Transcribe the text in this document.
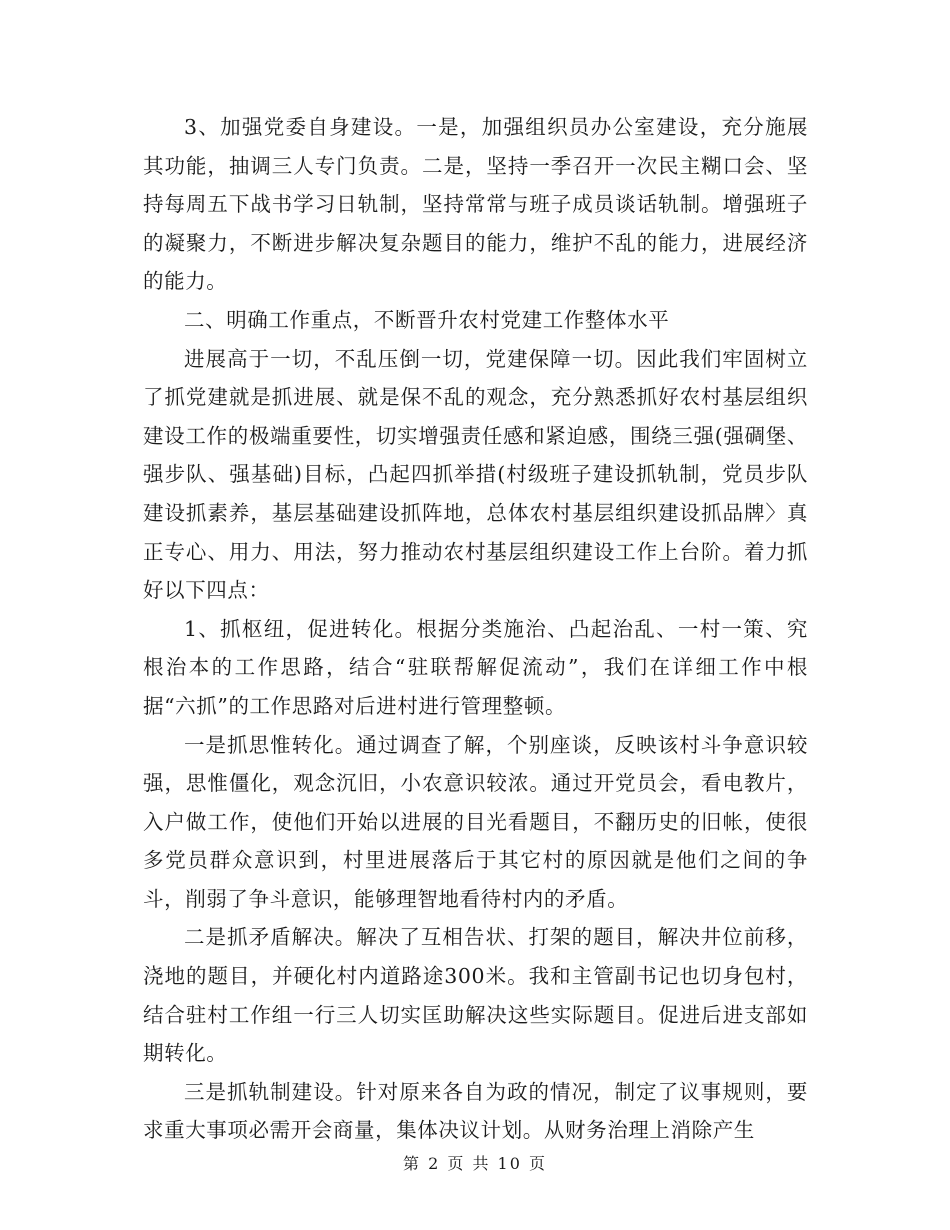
3、加强党委自身建设。一是，加强组织员办公室建设，充分施展其功能，抽调三人专门负责。二是，坚持一季召开一次民主糊口会、坚持每周五下战书学习日轨制，坚持常常与班子成员谈话轨制。增强班子的凝聚力，不断进步解决复杂题目的能力，维护不乱的能力，进展经济的能力。

二、明确工作重点，不断晋升农村党建工作整体水平

进展高于一切，不乱压倒一切，党建保障一切。因此我们牢固树立了抓党建就是抓进展、就是保不乱的观念，充分熟悉抓好农村基层组织建设工作的极端重要性，切实增强责任感和紧迫感，围绕三强(强碉堡、强步队、强基础)目标，凸起四抓举措(村级班子建设抓轨制，党员步队建设抓素养，基层基础建设抓阵地，总体农村基层组织建设抓品牌〉真正专心、用力、用法，努力推动农村基层组织建设工作上台阶。着力抓好以下四点：

1、抓枢纽，促进转化。根据分类施治、凸起治乱、一村一策、究根治本的工作思路，结合“驻联帮解促流动”，我们在详细工作中根据“六抓”的工作思路对后进村进行管理整顿。

一是抓思惟转化。通过调查了解，个别座谈，反映该村斗争意识较强，思惟僵化，观念沉旧，小农意识较浓。通过开党员会，看电教片，入户做工作，使他们开始以进展的目光看题目，不翻历史的旧帐，使很多党员群众意识到，村里进展落后于其它村的原因就是他们之间的争斗，削弱了争斗意识，能够理智地看待村内的矛盾。

二是抓矛盾解决。解决了互相告状、打架的题目，解决井位前移，浇地的题目，并硬化村内道路途300米。我和主管副书记也切身包村，结合驻村工作组一行三人切实匡助解决这些实际题目。促进后进支部如期转化。

三是抓轨制建设。针对原来各自为政的情况，制定了议事规则，要求重大事项必需开会商量，集体决议计划。从财务治理上消除产生

第 2 页 共 10 页
